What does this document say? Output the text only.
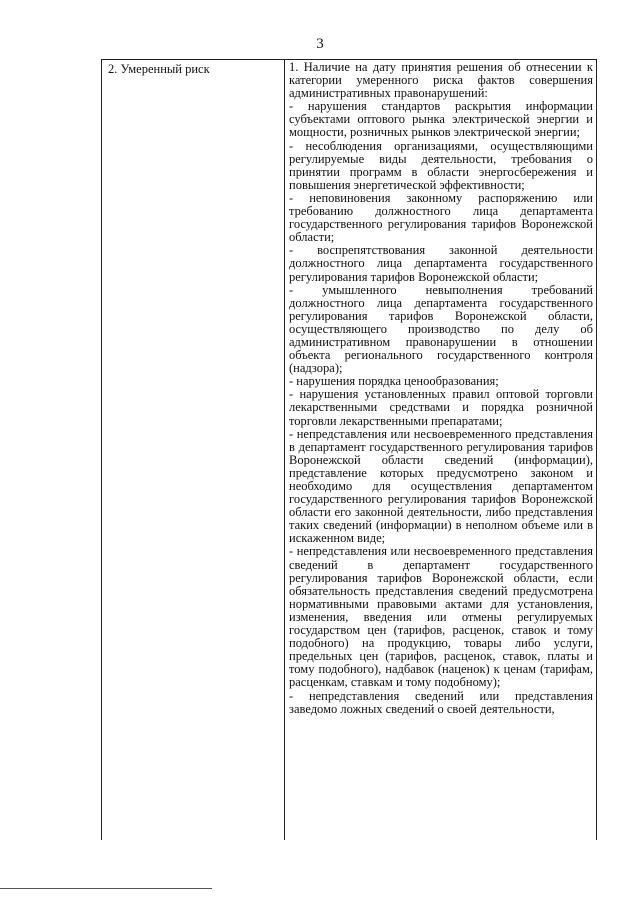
3
2. Умеренный риск	1. Наличие на дату принятия решения об отнесении к категории умеренного риска фактов совершения административных правонарушений:

- нарушения стандартов раскрытия информации субъектами оптового рынка электрической энергии и мощности, розничных рынков электрической энергии;

- несоблюдения организациями, осуществляющими регулируемые виды деятельности, требования о принятии программ в области энергосбережения и повышения энергетической эффективности;

- неповиновения законному распоряжению или требованию должностного лица департамента государственного регулирования тарифов Воронежской области;

- воспрепятствования законной деятельности должностного лица департамента государственного регулирования тарифов Воронежской области;

- умышленного невыполнения требований должностного лица департамента государственного регулирования тарифов Воронежской области, осуществляющего производство по делу об административном правонарушении в отношении объекта регионального государственного контроля (надзора);

- нарушения порядка ценообразования;

- нарушения установленных правил оптовой торговли лекарственными средствами и порядка розничной торговли лекарственными препаратами;

- непредставления или несвоевременного представления в департамент государственного регулирования тарифов Воронежской области сведений (информации), представление которых предусмотрено законом и необходимо для осуществления департаментом государственного регулирования тарифов Воронежской области его законной деятельности, либо представления таких сведений (информации) в неполном объеме или в искаженном виде;

- непредставления или несвоевременного представления сведений в департамент государственного регулирования тарифов Воронежской области, если обязательность представления сведений предусмотрена нормативными правовыми актами для установления, изменения, введения или отмены регулируемых государством цен (тарифов, расценок, ставок и тому подобного) на продукцию, товары либо услуги, предельных цен (тарифов, расценок, ставок, платы и тому подобного), надбавок (наценок) к ценам (тарифам, расценкам, ставкам и тому подобному);

- непредставления сведений или представления заведомо ложных сведений о своей деятельности,
